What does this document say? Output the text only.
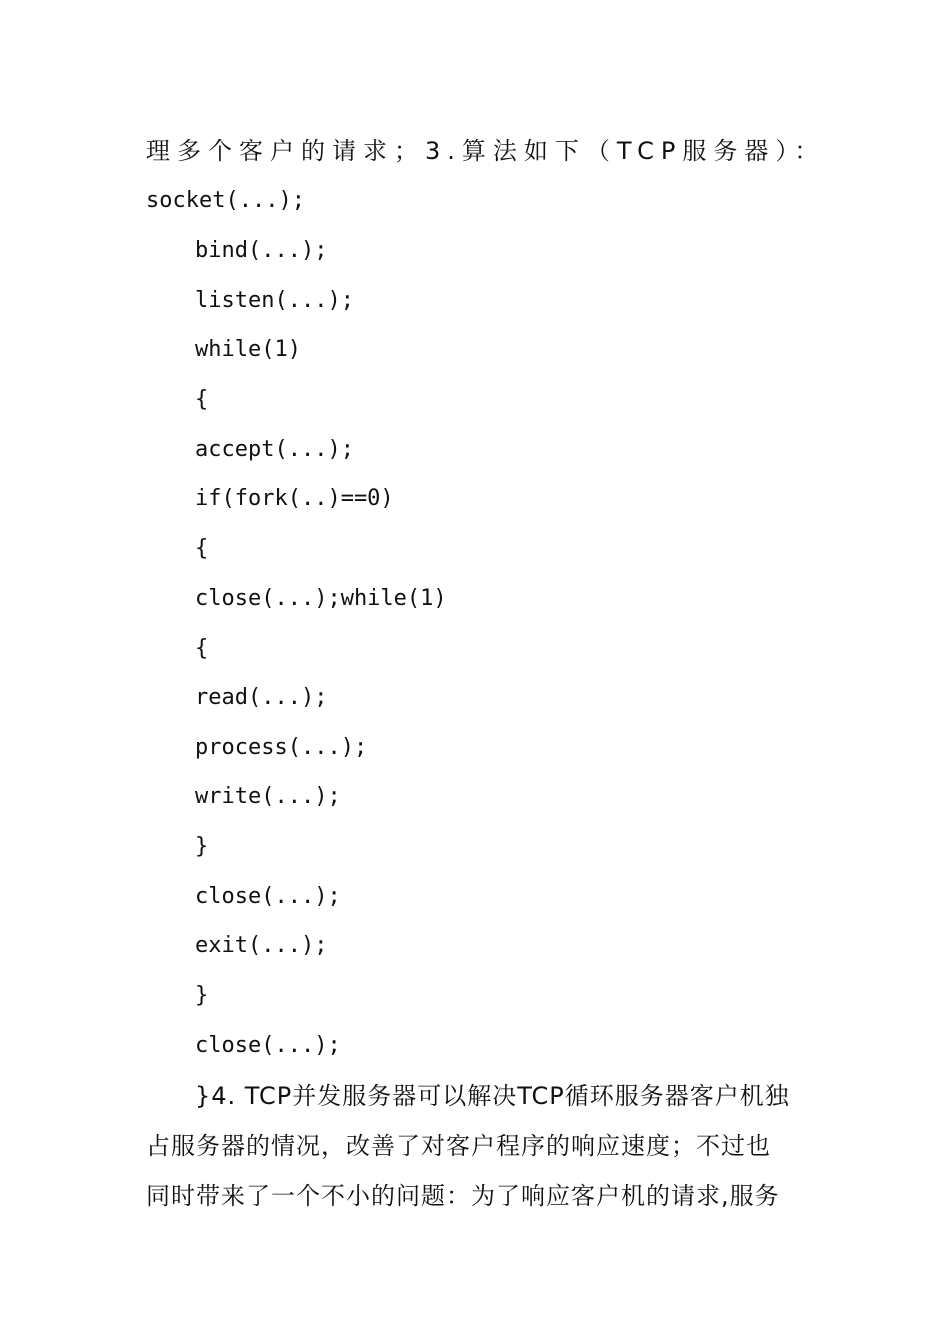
理多个客户的请求；3.算法如下（TCP服务器）：
socket(...);
bind(...);
listen(...);
while(1)
{
accept(...);
if(fork(..)==0)
{
close(...);while(1)
{
read(...);
process(...);
write(...);
}
close(...);
exit(...);
}
close(...);
}4. TCP并发服务器可以解决TCP循环服务器客户机独
占服务器的情况，改善了对客户程序的响应速度；不过也
同时带来了一个不小的问题：为了响应客户机的请求,服务
